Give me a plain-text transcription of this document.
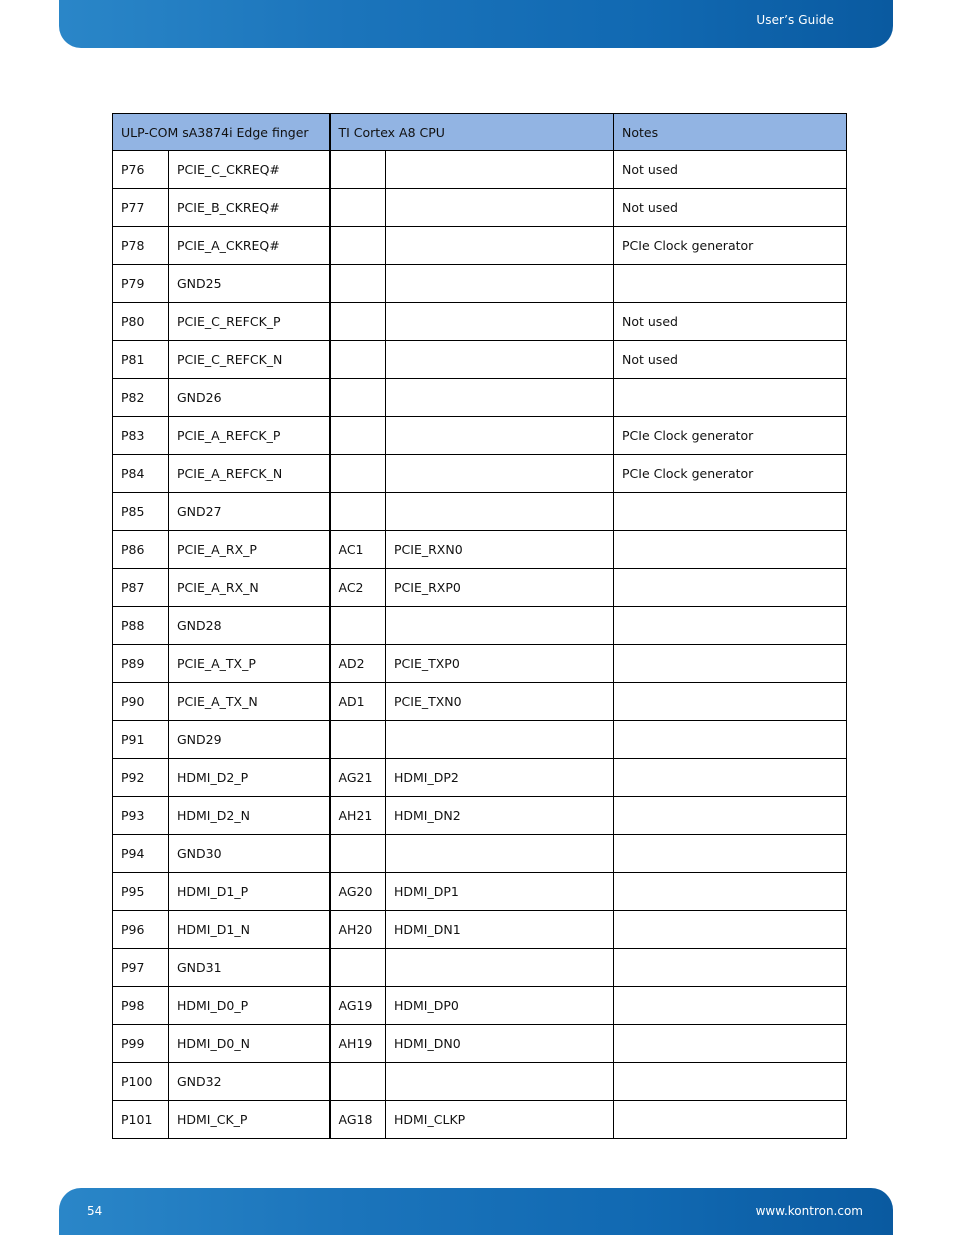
User’s Guide
ULP-COM sA3874i Edge finger		TI Cortex A8 CPU		Notes
P76	PCIE_C_CKREQ#			Not used
P77	PCIE_B_CKREQ#			Not used
P78	PCIE_A_CKREQ#			PCIe Clock generator
P79	GND25			
P80	PCIE_C_REFCK_P			Not used
P81	PCIE_C_REFCK_N			Not used
P82	GND26			
P83	PCIE_A_REFCK_P			PCIe Clock generator
P84	PCIE_A_REFCK_N			PCIe Clock generator
P85	GND27			
P86	PCIE_A_RX_P	AC1	PCIE_RXN0	
P87	PCIE_A_RX_N	AC2	PCIE_RXP0	
P88	GND28			
P89	PCIE_A_TX_P	AD2	PCIE_TXP0	
P90	PCIE_A_TX_N	AD1	PCIE_TXN0	
P91	GND29			
P92	HDMI_D2_P	AG21	HDMI_DP2	
P93	HDMI_D2_N	AH21	HDMI_DN2	
P94	GND30			
P95	HDMI_D1_P	AG20	HDMI_DP1	
P96	HDMI_D1_N	AH20	HDMI_DN1	
P97	GND31			
P98	HDMI_D0_P	AG19	HDMI_DP0	
P99	HDMI_D0_N	AH19	HDMI_DN0	
P100	GND32			
P101	HDMI_CK_P	AG18	HDMI_CLKP	
54	www.kontron.com
